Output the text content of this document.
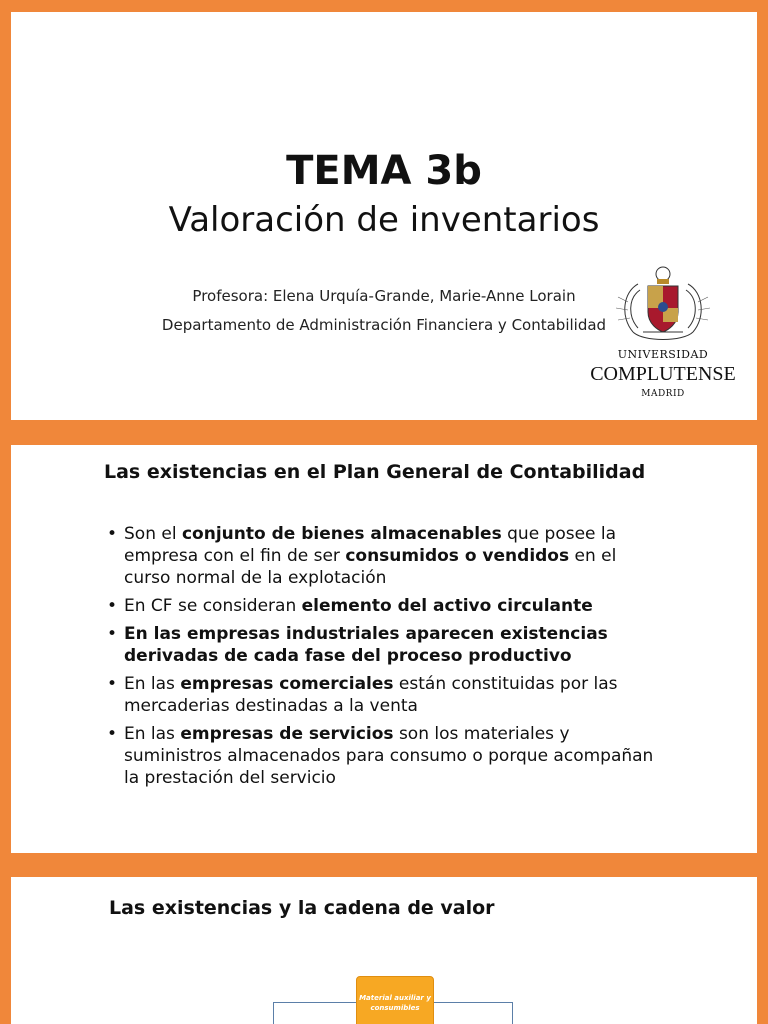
TEMA 3b
Valoración de inventarios
Profesora: Elena Urquía-Grande, Marie-Anne Lorain
Departamento de Administración Financiera y Contabilidad
UNIVERSIDAD
COMPLUTENSE
MADRID
Las existencias en el Plan General de Contabilidad
• Son el conjunto de bienes almacenables que posee la empresa con el fin de ser consumidos o vendidos en el curso normal de la explotación
• En CF se consideran elemento del activo circulante
• En las empresas industriales aparecen existencias derivadas de cada fase del proceso productivo
• En las empresas comerciales están constituidas por las mercaderias destinadas a la venta
• En las empresas de servicios son los materiales y suministros almacenados para consumo o porque acompañan la prestación del servicio
Las existencias y la cadena de valor
Material auxiliar y consumibles
